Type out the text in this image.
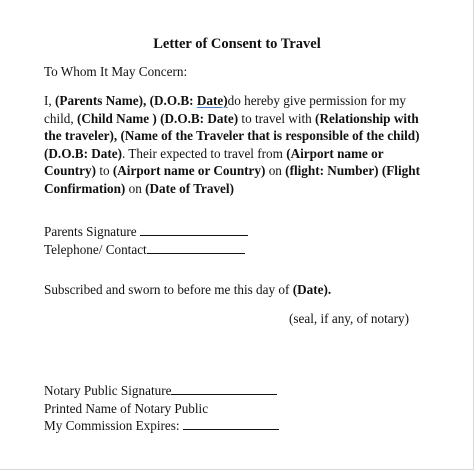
Letter of Consent to Travel
To Whom It May Concern:
I, (Parents Name), (D.O.B: Date)do hereby give permission for my
child, (Child Name ) (D.O.B: Date) to travel with (Relationship with
the traveler), (Name of the Traveler that is responsible of the child)
(D.O.B: Date). Their expected to travel from (Airport name or
Country) to (Airport name or Country) on (flight: Number) (Flight
Confirmation) on (Date of Travel)
Parents Signature
Telephone/ Contact
Subscribed and sworn to before me this day of (Date).
(seal, if any, of notary)
Notary Public Signature
Printed Name of Notary Public
My Commission Expires:
